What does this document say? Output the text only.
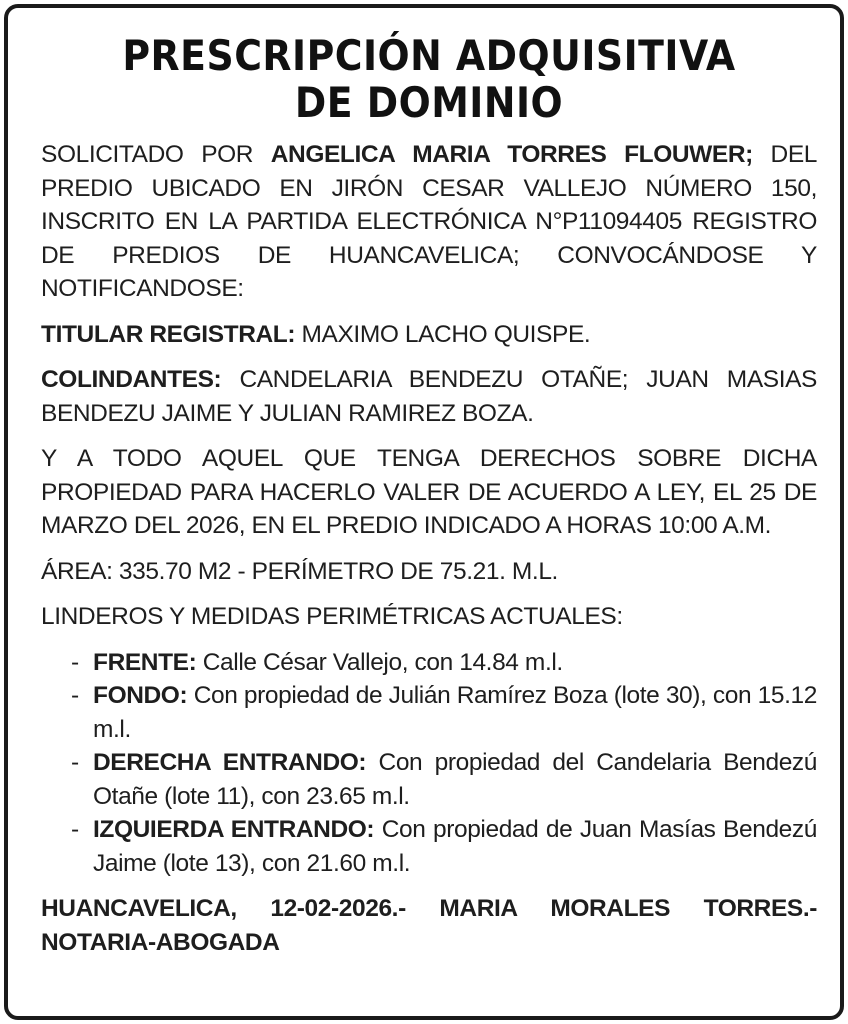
PRESCRIPCIÓN ADQUISITIVA
DE DOMINIO

SOLICITADO POR ANGELICA MARIA TORRES FLOUWER; DEL PREDIO UBICADO EN JIRÓN CESAR VALLEJO NÚMERO 150, INSCRITO EN LA PARTIDA ELECTRÓNICA N°P11094405 REGISTRO DE PREDIOS DE HUANCAVELICA; CONVOCÁNDOSE Y NOTIFICANDOSE:

TITULAR REGISTRAL: MAXIMO LACHO QUISPE.

COLINDANTES: CANDELARIA BENDEZU OTAÑE; JUAN MASIAS BENDEZU JAIME Y JULIAN RAMIREZ BOZA.

Y A TODO AQUEL QUE TENGA DERECHOS SOBRE DICHA PROPIEDAD PARA HACERLO VALER DE ACUERDO A LEY, EL 25 DE MARZO DEL 2026, EN EL PREDIO INDICADO A HORAS 10:00 A.M.

ÁREA: 335.70 M2 - PERÍMETRO DE 75.21. M.L.

LINDEROS Y MEDIDAS PERIMÉTRICAS ACTUALES:

- FRENTE: Calle César Vallejo, con 14.84 m.l.
- FONDO: Con propiedad de Julián Ramírez Boza (lote 30), con 15.12 m.l.
- DERECHA ENTRANDO: Con propiedad del Candelaria Bendezú Otañe (lote 11), con 23.65 m.l.
- IZQUIERDA ENTRANDO: Con propiedad de Juan Masías Bendezú Jaime (lote 13), con 21.60 m.l.

HUANCAVELICA, 12-02-2026.- MARIA MORALES TORRES.- NOTARIA-ABOGADA
